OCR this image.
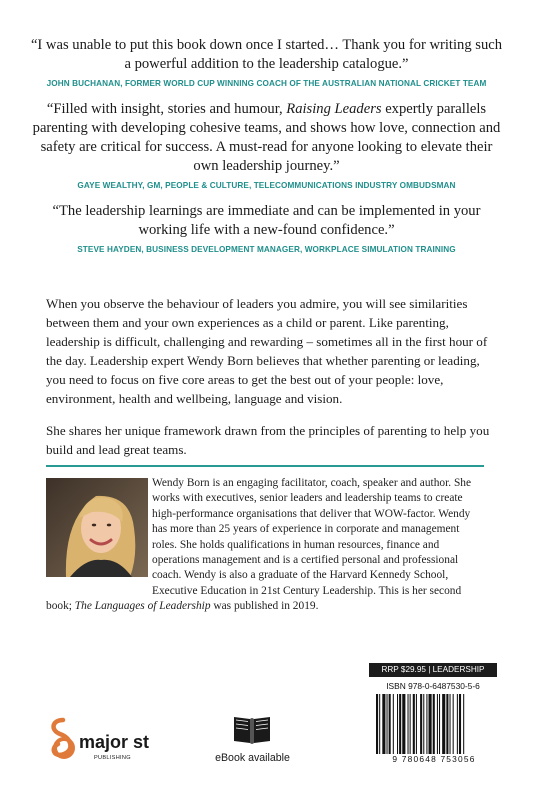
“I was unable to put this book down once I started… Thank you for writing such a powerful addition to the leadership catalogue.”

JOHN BUCHANAN, FORMER WORLD CUP WINNING COACH OF THE AUSTRALIAN NATIONAL CRICKET TEAM

“Filled with insight, stories and humour, Raising Leaders expertly parallels parenting with developing cohesive teams, and shows how love, connection and safety are critical for success. A must-read for anyone looking to elevate their own leadership journey.”

GAYE WEALTHY, GM, PEOPLE & CULTURE, TELECOMMUNICATIONS INDUSTRY OMBUDSMAN

“The leadership learnings are immediate and can be implemented in your working life with a new-found confidence.”

STEVE HAYDEN, BUSINESS DEVELOPMENT MANAGER, WORKPLACE SIMULATION TRAINING

When you observe the behaviour of leaders you admire, you will see similarities between them and your own experiences as a child or parent. Like parenting, leadership is difficult, challenging and rewarding – sometimes all in the first hour of the day. Leadership expert Wendy Born believes that whether parenting or leading, you need to focus on five core areas to get the best out of your people: love, environment, health and wellbeing, language and vision.

She shares her unique framework drawn from the principles of parenting to help you build and lead great teams.

Wendy Born is an engaging facilitator, coach, speaker and author. She works with executives, senior leaders and leadership teams to create high-performance organisations that deliver that WOW-factor. Wendy has more than 25 years of experience in corporate and management roles. She holds qualifications in human resources, finance and operations management and is a certified personal and professional coach. Wendy is also a graduate of the Harvard Kennedy School, Executive Education in 21st Century Leadership. This is her second book; The Languages of Leadership was published in 2019.
major st
PUBLISHING	eBook available
RRP $29.95 | LEADERSHIP
ISBN 978-0-6487530-5-6
9 780648 753056
